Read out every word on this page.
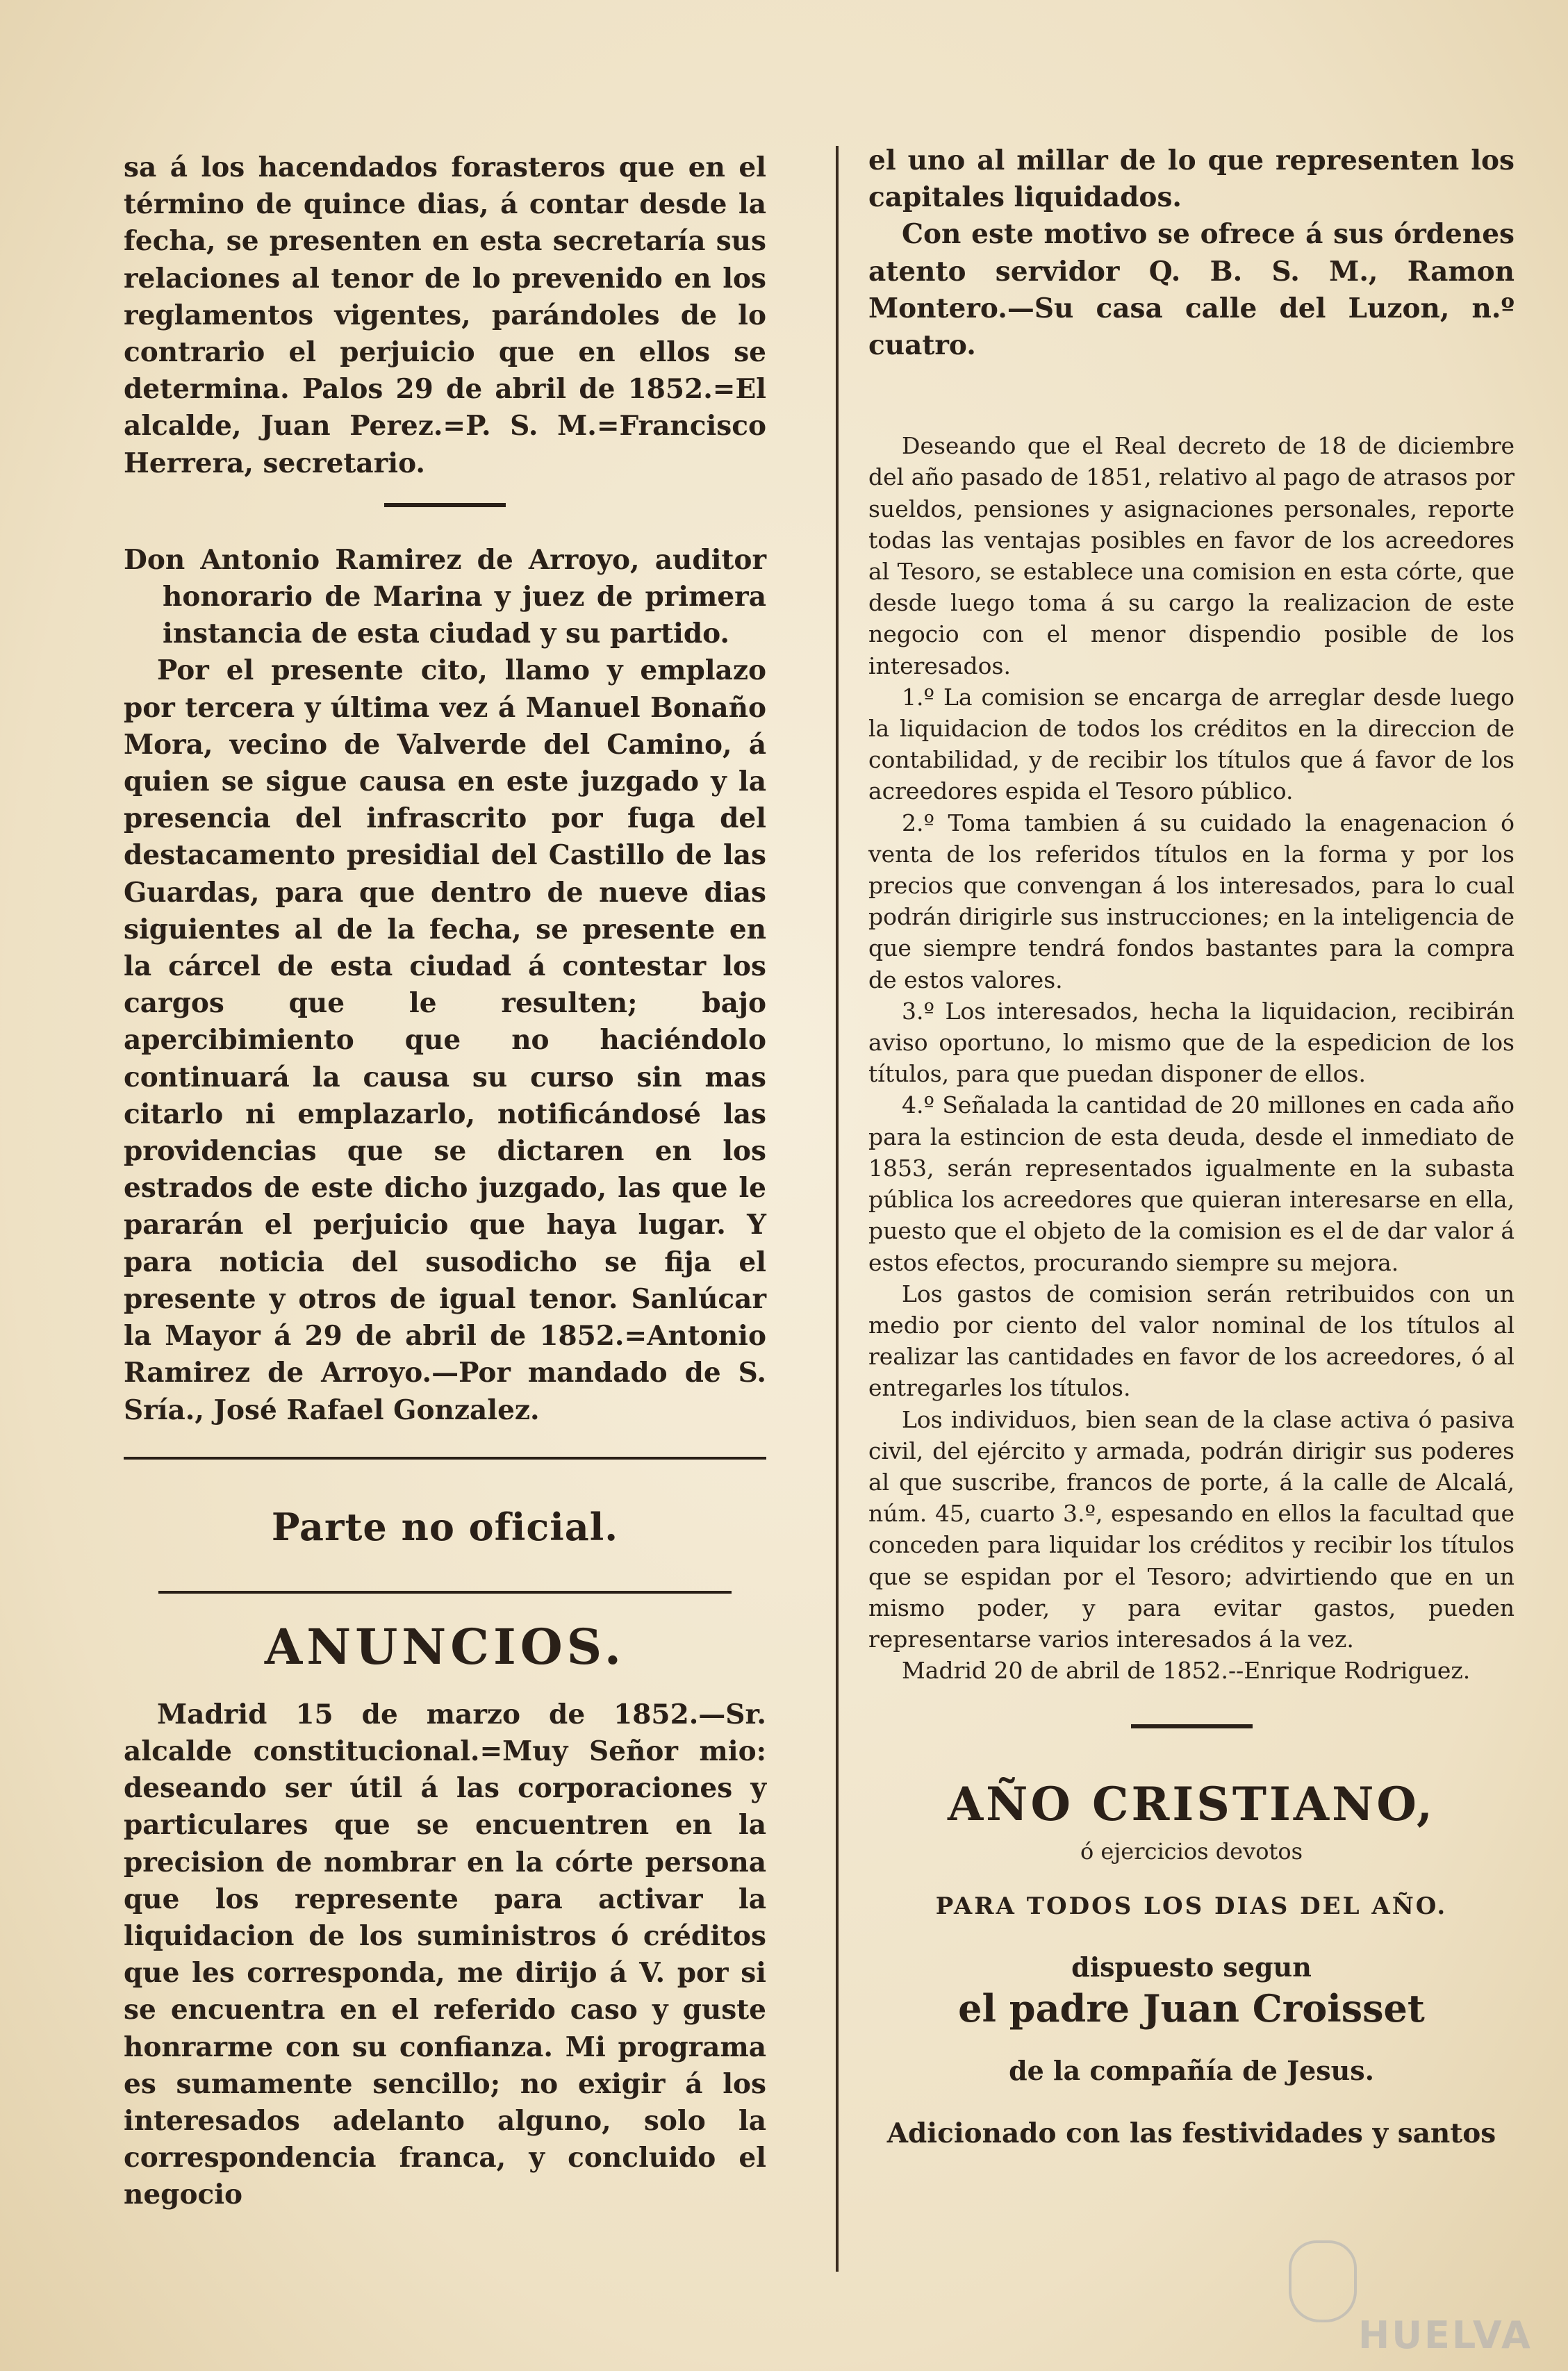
sa á los hacendados forasteros que en el término de quince dias, á contar desde la fecha, se presenten en esta secretaría sus relaciones al tenor de lo prevenido en los reglamentos vigentes, parándoles de lo contrario el perjuicio que en ellos se determina. Palos 29 de abril de 1852.=El alcalde, Juan Perez.=P. S. M.=Francisco Herrera, secretario.

Don Antonio Ramirez de Arroyo, auditor honorario de Marina y juez de primera instancia de esta ciudad y su partido.

Por el presente cito, llamo y emplazo por tercera y última vez á Manuel Bonaño Mora, vecino de Valverde del Camino, á quien se sigue causa en este juzgado y la presencia del infrascrito por fuga del destacamento presidial del Castillo de las Guardas, para que dentro de nueve dias siguientes al de la fecha, se presente en la cárcel de esta ciudad á contestar los cargos que le resulten; bajo apercibimiento que no haciéndolo continuará la causa su curso sin mas citarlo ni emplazarlo, notificándosé las providencias que se dictaren en los estrados de este dicho juzgado, las que le pararán el perjuicio que haya lugar. Y para noticia del susodicho se fija el presente y otros de igual tenor. Sanlúcar la Mayor á 29 de abril de 1852.=Antonio Ramirez de Arroyo.—Por mandado de S. Sría., José Rafael Gonzalez.

Parte no oficial.
ANUNCIOS.

Madrid 15 de marzo de 1852.—Sr. alcalde constitucional.=Muy Señor mio: deseando ser útil á las corporaciones y particulares que se encuentren en la precision de nombrar en la córte persona que los represente para activar la liquidacion de los suministros ó créditos que les corresponda, me dirijo á V. por si se encuentra en el referido caso y guste honrarme con su confianza. Mi programa es sumamente sencillo; no exigir á los interesados adelanto alguno, solo la correspondencia franca, y concluido el negocio

el uno al millar de lo que representen los capitales liquidados.

Con este motivo se ofrece á sus órdenes atento servidor Q. B. S. M., Ramon Montero.—Su casa calle del Luzon, n.º cuatro.

Deseando que el Real decreto de 18 de diciembre del año pasado de 1851, relativo al pago de atrasos por sueldos, pensiones y asignaciones personales, reporte todas las ventajas posibles en favor de los acreedores al Tesoro, se establece una comision en esta córte, que desde luego toma á su cargo la realizacion de este negocio con el menor dispendio posible de los interesados.

1.º La comision se encarga de arreglar desde luego la liquidacion de todos los créditos en la direccion de contabilidad, y de recibir los títulos que á favor de los acreedores espida el Tesoro público.

2.º Toma tambien á su cuidado la enagenacion ó venta de los referidos títulos en la forma y por los precios que convengan á los interesados, para lo cual podrán dirigirle sus instrucciones; en la inteligencia de que siempre tendrá fondos bastantes para la compra de estos valores.

3.º Los interesados, hecha la liquidacion, recibirán aviso oportuno, lo mismo que de la espedicion de los títulos, para que puedan disponer de ellos.

4.º Señalada la cantidad de 20 millones en cada año para la estincion de esta deuda, desde el inmediato de 1853, serán representados igualmente en la subasta pública los acreedores que quieran interesarse en ella, puesto que el objeto de la comision es el de dar valor á estos efectos, procurando siempre su mejora.

Los gastos de comision serán retribuidos con un medio por ciento del valor nominal de los títulos al realizar las cantidades en favor de los acreedores, ó al entregarles los títulos.

Los individuos, bien sean de la clase activa ó pasiva civil, del ejército y armada, podrán dirigir sus poderes al que suscribe, francos de porte, á la calle de Alcalá, núm. 45, cuarto 3.º, espesando en ellos la facultad que conceden para liquidar los créditos y recibir los títulos que se espidan por el Tesoro; advirtiendo que en un mismo poder, y para evitar gastos, pueden representarse varios interesados á la vez.

Madrid 20 de abril de 1852.--Enrique Rodriguez.

AÑO CRISTIANO,

ó ejercicios devotos

PARA TODOS LOS DIAS DEL AÑO.

dispuesto segun

el padre Juan Croisset

de la compañía de Jesus.

Adicionado con las festividades y santos

HUELVA
